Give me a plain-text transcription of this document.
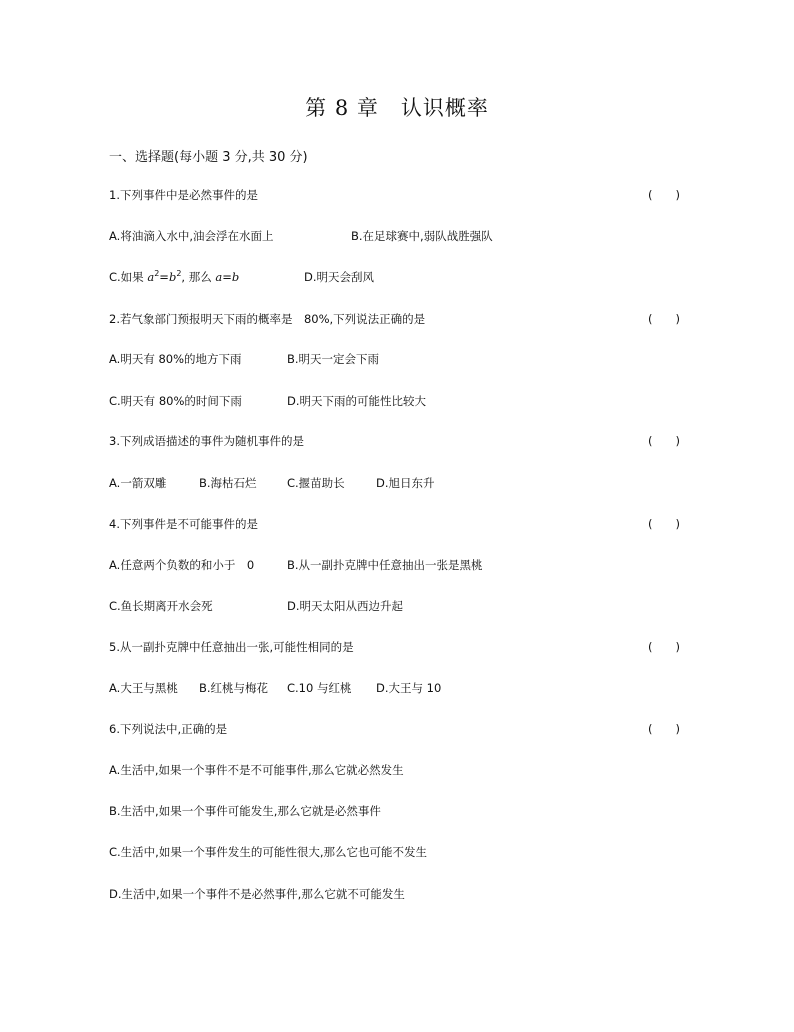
第 8 章　认识概率
一、选择题(每小题 3 分,共 30 分)
1.下列事件中是必然事件的是	(　　)
A.将油滴入水中,油会浮在水面上	B.在足球赛中,弱队战胜强队
C.如果 $a^2=b^2$, 那么 a=b	D.明天会刮风
2.若气象部门预报明天下雨的概率是　80%,下列说法正确的是	(　　)
A.明天有 80%的地方下雨	B.明天一定会下雨
C.明天有 80%的时间下雨	D.明天下雨的可能性比较大
3.下列成语描述的事件为随机事件的是	(　　)
A.一箭双雕	B.海枯石烂	C.揠苗助长	D.旭日东升
4.下列事件是不可能事件的是	(　　)
A.任意两个负数的和小于　0	B.从一副扑克牌中任意抽出一张是黑桃
C.鱼长期离开水会死	D.明天太阳从西边升起
5.从一副扑克牌中任意抽出一张,可能性相同的是	(　　)
A.大王与黑桃 B.红桃与梅花 C.10 与红桃 D.大王与 10
6.下列说法中,正确的是	(　　)
A.生活中,如果一个事件不是不可能事件,那么它就必然发生
B.生活中,如果一个事件可能发生,那么它就是必然事件
C.生活中,如果一个事件发生的可能性很大,那么它也可能不发生
D.生活中,如果一个事件不是必然事件,那么它就不可能发生
